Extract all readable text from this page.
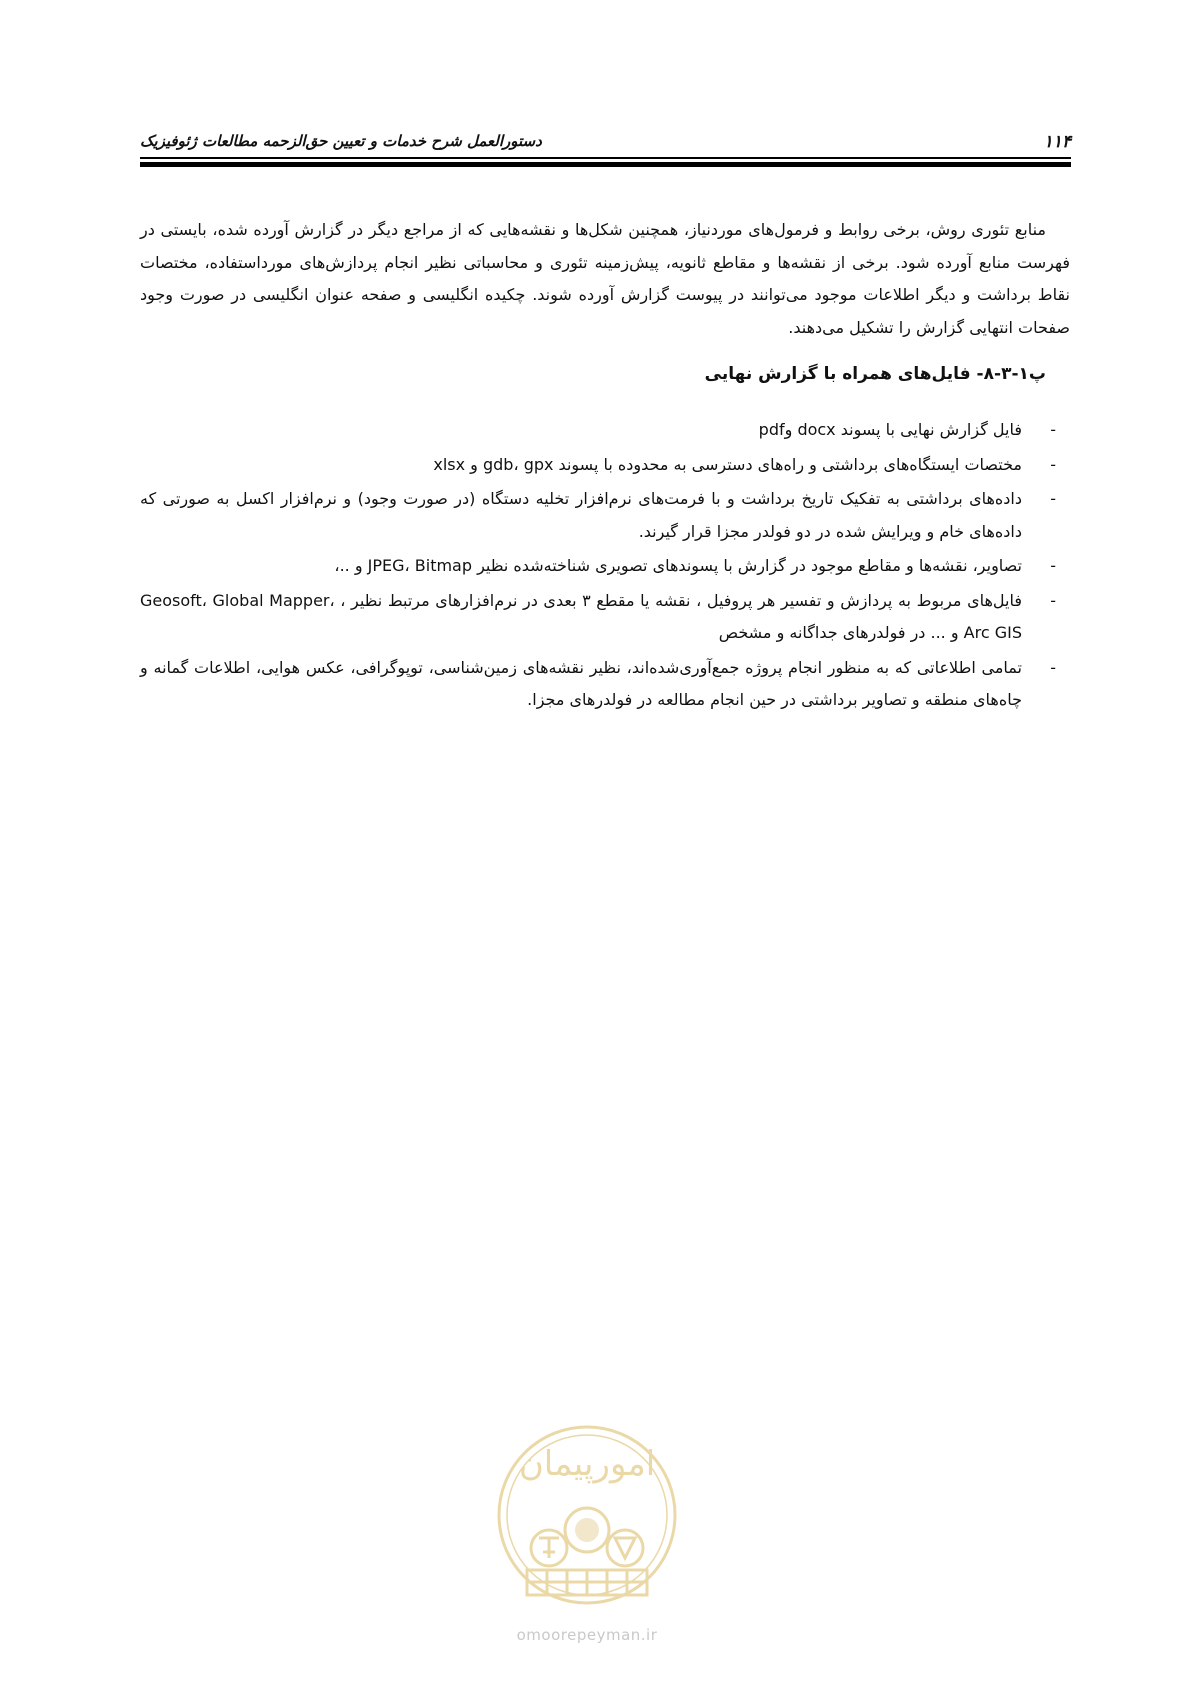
۱۱۴
دستورالعمل شرح خدمات و تعیین حق‌الزحمه مطالعات ژئوفیزیک

منابع تئوری روش، برخی روابط و فرمول‌های موردنیاز، همچنین شکل‌ها و نقشه‌هایی که از مراجع دیگر در گزارش آورده شده، بایستی در فهرست منابع آورده شود. برخی از نقشه‌ها و مقاطع ثانویه، پیش‌زمینه تئوری و محاسباتی نظیر انجام پردازش‌های مورداستفاده، مختصات نقاط برداشت و دیگر اطلاعات موجود می‌توانند در پیوست گزارش آورده شوند. چکیده انگلیسی و صفحه عنوان انگلیسی در صورت وجود صفحات انتهایی گزارش را تشکیل می‌دهند.

پ۱-۳-۸- فایل‌های همراه با گزارش نهایی
-
فایل گزارش نهایی با پسوند docx وpdf
-
مختصات ایستگاه‌های برداشتی و راه‌های دسترسی به محدوده با پسوند gdb، gpx و xlsx
-
داده‌های برداشتی به تفکیک تاریخ برداشت و با فرمت‌های نرم‌افزار تخلیه دستگاه (در صورت وجود) و نرم‌افزار اکسل به صورتی که داده‌های خام و ویرایش شده در دو فولدر مجزا قرار گیرند.
-
تصاویر، نقشه‌ها و مقاطع موجود در گزارش با پسوندهای تصویری شناخته‌شده نظیر JPEG، Bitmap و ..،
-
فایل‌های مربوط به پردازش و تفسیر هر پروفیل ، نقشه یا مقطع ۳ بعدی در نرم‌افزارهای مرتبط نظیر ، Geosoft، Global Mapper، Arc GIS و ... در فولدرهای جداگانه و مشخص
-
تمامی اطلاعاتی که به منظور انجام پروژه جمع‌آوری‌شده‌اند، نظیر نقشه‌های زمین‌شناسی، توپوگرافی، عکس هوایی، اطلاعات گمانه و چاه‌های منطقه و تصاویر برداشتی در حین انجام مطالعه در فولدرهای مجزا.
امورپیمان
omoorepeyman.ir
